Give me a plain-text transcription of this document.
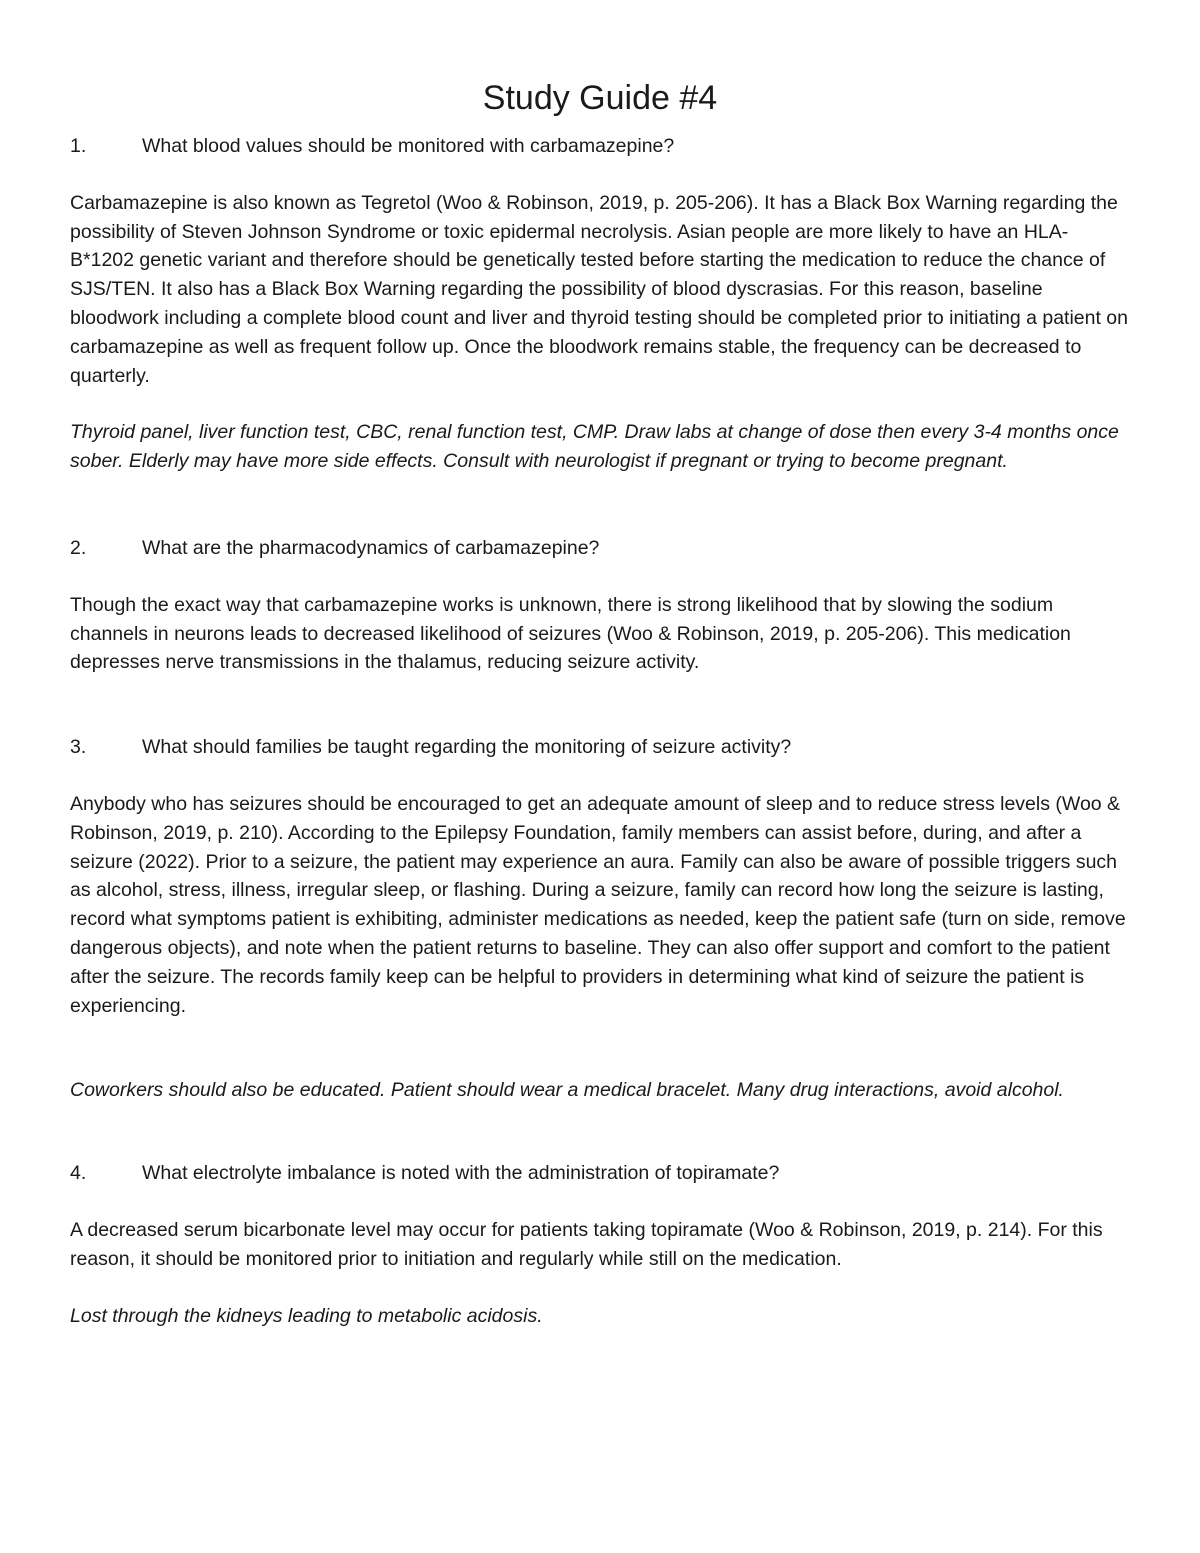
Study Guide #4
1.	What blood values should be monitored with carbamazepine?

Carbamazepine is also known as Tegretol (Woo & Robinson, 2019, p. 205-206). It has a Black Box Warning regarding the possibility of Steven Johnson Syndrome or toxic epidermal necrolysis. Asian people are more likely to have an HLA-B*1202 genetic variant and therefore should be genetically tested before starting the medication to reduce the chance of SJS/TEN. It also has a Black Box Warning regarding the possibility of blood dyscrasias. For this reason, baseline bloodwork including a complete blood count and liver and thyroid testing should be completed prior to initiating a patient on carbamazepine as well as frequent follow up. Once the bloodwork remains stable, the frequency can be decreased to quarterly.

Thyroid panel, liver function test, CBC, renal function test, CMP. Draw labs at change of dose then every 3-4 months once sober. Elderly may have more side effects. Consult with neurologist if pregnant or trying to become pregnant.

2.	What are the pharmacodynamics of carbamazepine?

Though the exact way that carbamazepine works is unknown, there is strong likelihood that by slowing the sodium channels in neurons leads to decreased likelihood of seizures (Woo & Robinson, 2019, p. 205-206). This medication depresses nerve transmissions in the thalamus, reducing seizure activity.

3.	What should families be taught regarding the monitoring of seizure activity?

Anybody who has seizures should be encouraged to get an adequate amount of sleep and to reduce stress levels (Woo & Robinson, 2019, p. 210). According to the Epilepsy Foundation, family members can assist before, during, and after a seizure (2022). Prior to a seizure, the patient may experience an aura. Family can also be aware of possible triggers such as alcohol, stress, illness, irregular sleep, or flashing. During a seizure, family can record how long the seizure is lasting, record what symptoms patient is exhibiting, administer medications as needed, keep the patient safe (turn on side, remove dangerous objects), and note when the patient returns to baseline. They can also offer support and comfort to the patient after the seizure. The records family keep can be helpful to providers in determining what kind of seizure the patient is experiencing.

Coworkers should also be educated. Patient should wear a medical bracelet. Many drug interactions, avoid alcohol.

4.	What electrolyte imbalance is noted with the administration of topiramate?

A decreased serum bicarbonate level may occur for patients taking topiramate (Woo & Robinson, 2019, p. 214). For this reason, it should be monitored prior to initiation and regularly while still on the medication.

Lost through the kidneys leading to metabolic acidosis.
